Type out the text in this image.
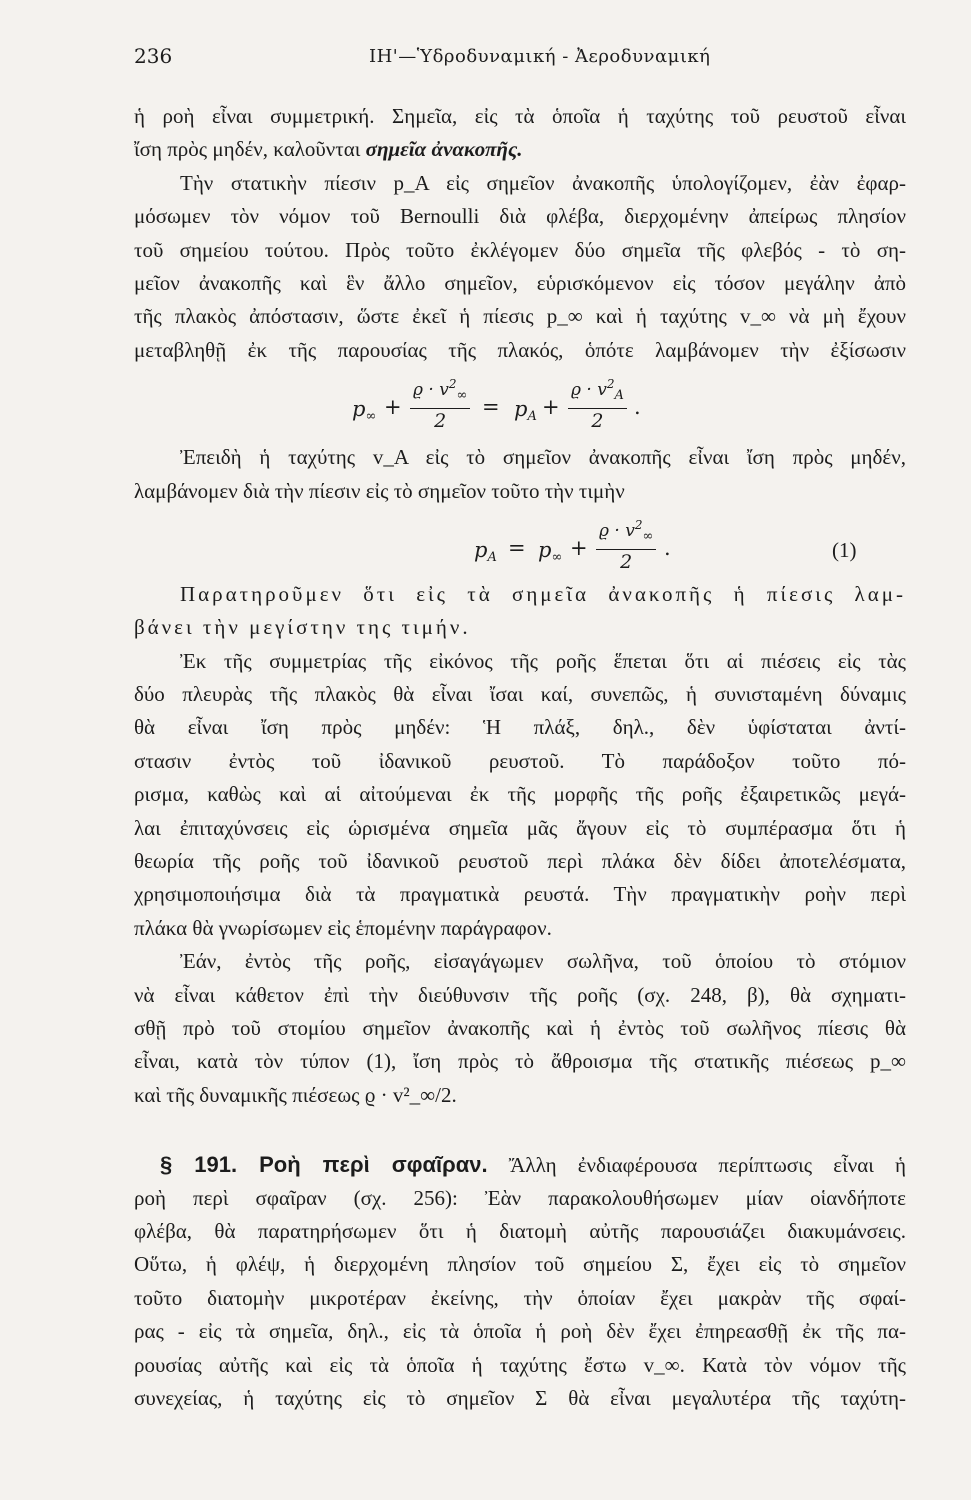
236	ΙΗ'—Ὑδροδυναμική - Ἀεροδυναμική
ἡ ροὴ εἶναι συμμετρική. Σημεῖα, εἰς τὰ ὁποῖα ἡ ταχύτης τοῦ ρευστοῦ εἶναι
ἴση πρὸς μηδέν, καλοῦνται σημεῖα ἀνακοπῆς.
Τὴν στατικὴν πίεσιν p_A εἰς σημεῖον ἀνακοπῆς ὑπολογίζομεν, ἐὰν ἐφαρ-
μόσωμεν τὸν νόμον τοῦ Bernoulli διὰ φλέβα, διερχομένην ἀπείρως πλησίον
τοῦ σημείου τούτου. Πρὸς τοῦτο ἐκλέγομεν δύο σημεῖα τῆς φλεβός - τὸ ση-
μεῖον ἀνακοπῆς καὶ ἓν ἄλλο σημεῖον, εὑρισκόμενον εἰς τόσον μεγάλην ἀπὸ
τῆς πλακὸς ἀπόστασιν, ὥστε ἐκεῖ ἡ πίεσις p_∞ καὶ ἡ ταχύτης v_∞ νὰ μὴ ἔχουν
μεταβληθῇ ἐκ τῆς παρουσίας τῆς πλακός, ὁπότε λαμβάνομεν τὴν ἐξίσωσιν
$p_\infty + \frac{ϱ \cdot v^2_\infty}{2} = p_A + \frac{ϱ \cdot v^2_A}{2}$ .
Ἐπειδὴ ἡ ταχύτης v_A εἰς τὸ σημεῖον ἀνακοπῆς εἶναι ἴση πρὸς μηδέν,
λαμβάνομεν διὰ τὴν πίεσιν εἰς τὸ σημεῖον τοῦτο τὴν τιμὴν
$p_A = p_\infty + \frac{ϱ \cdot v^2_\infty}{2}$ .	(1)
Παρατηροῦμεν ὅτι εἰς τὰ σημεῖα ἀνακοπῆς ἡ πίεσις λαμ-
βάνει τὴν μεγίστην της τιμήν.
Ἐκ τῆς συμμετρίας τῆς εἰκόνος τῆς ροῆς ἕπεται ὅτι αἱ πιέσεις εἰς τὰς
δύο πλευρὰς τῆς πλακὸς θὰ εἶναι ἴσαι καί, συνεπῶς, ἡ συνισταμένη δύναμις
θὰ εἶναι ἴση πρὸς μηδέν: Ἡ πλάξ, δηλ., δὲν ὑφίσταται ἀντί-
στασιν ἐντὸς τοῦ ἰδανικοῦ ρευστοῦ. Τὸ παράδοξον τοῦτο πό-
ρισμα, καθὼς καὶ αἱ αἰτούμεναι ἐκ τῆς μορφῆς τῆς ροῆς ἐξαιρετικῶς μεγά-
λαι ἐπιταχύνσεις εἰς ὡρισμένα σημεῖα μᾶς ἄγουν εἰς τὸ συμπέρασμα ὅτι ἡ
θεωρία τῆς ροῆς τοῦ ἰδανικοῦ ρευστοῦ περὶ πλάκα δὲν δίδει ἀποτελέσματα,
χρησιμοποιήσιμα διὰ τὰ πραγματικὰ ρευστά. Τὴν πραγματικὴν ροὴν περὶ
πλάκα θὰ γνωρίσωμεν εἰς ἑπομένην παράγραφον.
Ἐάν, ἐντὸς τῆς ροῆς, εἰσαγάγωμεν σωλῆνα, τοῦ ὁποίου τὸ στόμιον
νὰ εἶναι κάθετον ἐπὶ τὴν διεύθυνσιν τῆς ροῆς (σχ. 248, β), θὰ σχηματι-
σθῇ πρὸ τοῦ στομίου σημεῖον ἀνακοπῆς καὶ ἡ ἐντὸς τοῦ σωλῆνος πίεσις θὰ
εἶναι, κατὰ τὸν τύπον (1), ἴση πρὸς τὸ ἄθροισμα τῆς στατικῆς πιέσεως p_∞
καὶ τῆς δυναμικῆς πιέσεως ϱ · v²_∞/2.
§ 191. Ροὴ περὶ σφαῖραν. Ἄλλη ἐνδιαφέρουσα περίπτωσις εἶναι ἡ
ροὴ περὶ σφαῖραν (σχ. 256): Ἐὰν παρακολουθήσωμεν μίαν οἱανδήποτε
φλέβα, θὰ παρατηρήσωμεν ὅτι ἡ διατομὴ αὐτῆς παρουσιάζει διακυμάνσεις.
Οὕτω, ἡ φλέψ, ἡ διερχομένη πλησίον τοῦ σημείου Σ, ἔχει εἰς τὸ σημεῖον
τοῦτο διατομὴν μικροτέραν ἐκείνης, τὴν ὁποίαν ἔχει μακρὰν τῆς σφαί-
ρας - εἰς τὰ σημεῖα, δηλ., εἰς τὰ ὁποῖα ἡ ροὴ δὲν ἔχει ἐπηρεασθῇ ἐκ τῆς πα-
ρουσίας αὐτῆς καὶ εἰς τὰ ὁποῖα ἡ ταχύτης ἔστω v_∞. Κατὰ τὸν νόμον τῆς
συνεχείας, ἡ ταχύτης εἰς τὸ σημεῖον Σ θὰ εἶναι μεγαλυτέρα τῆς ταχύτη-
